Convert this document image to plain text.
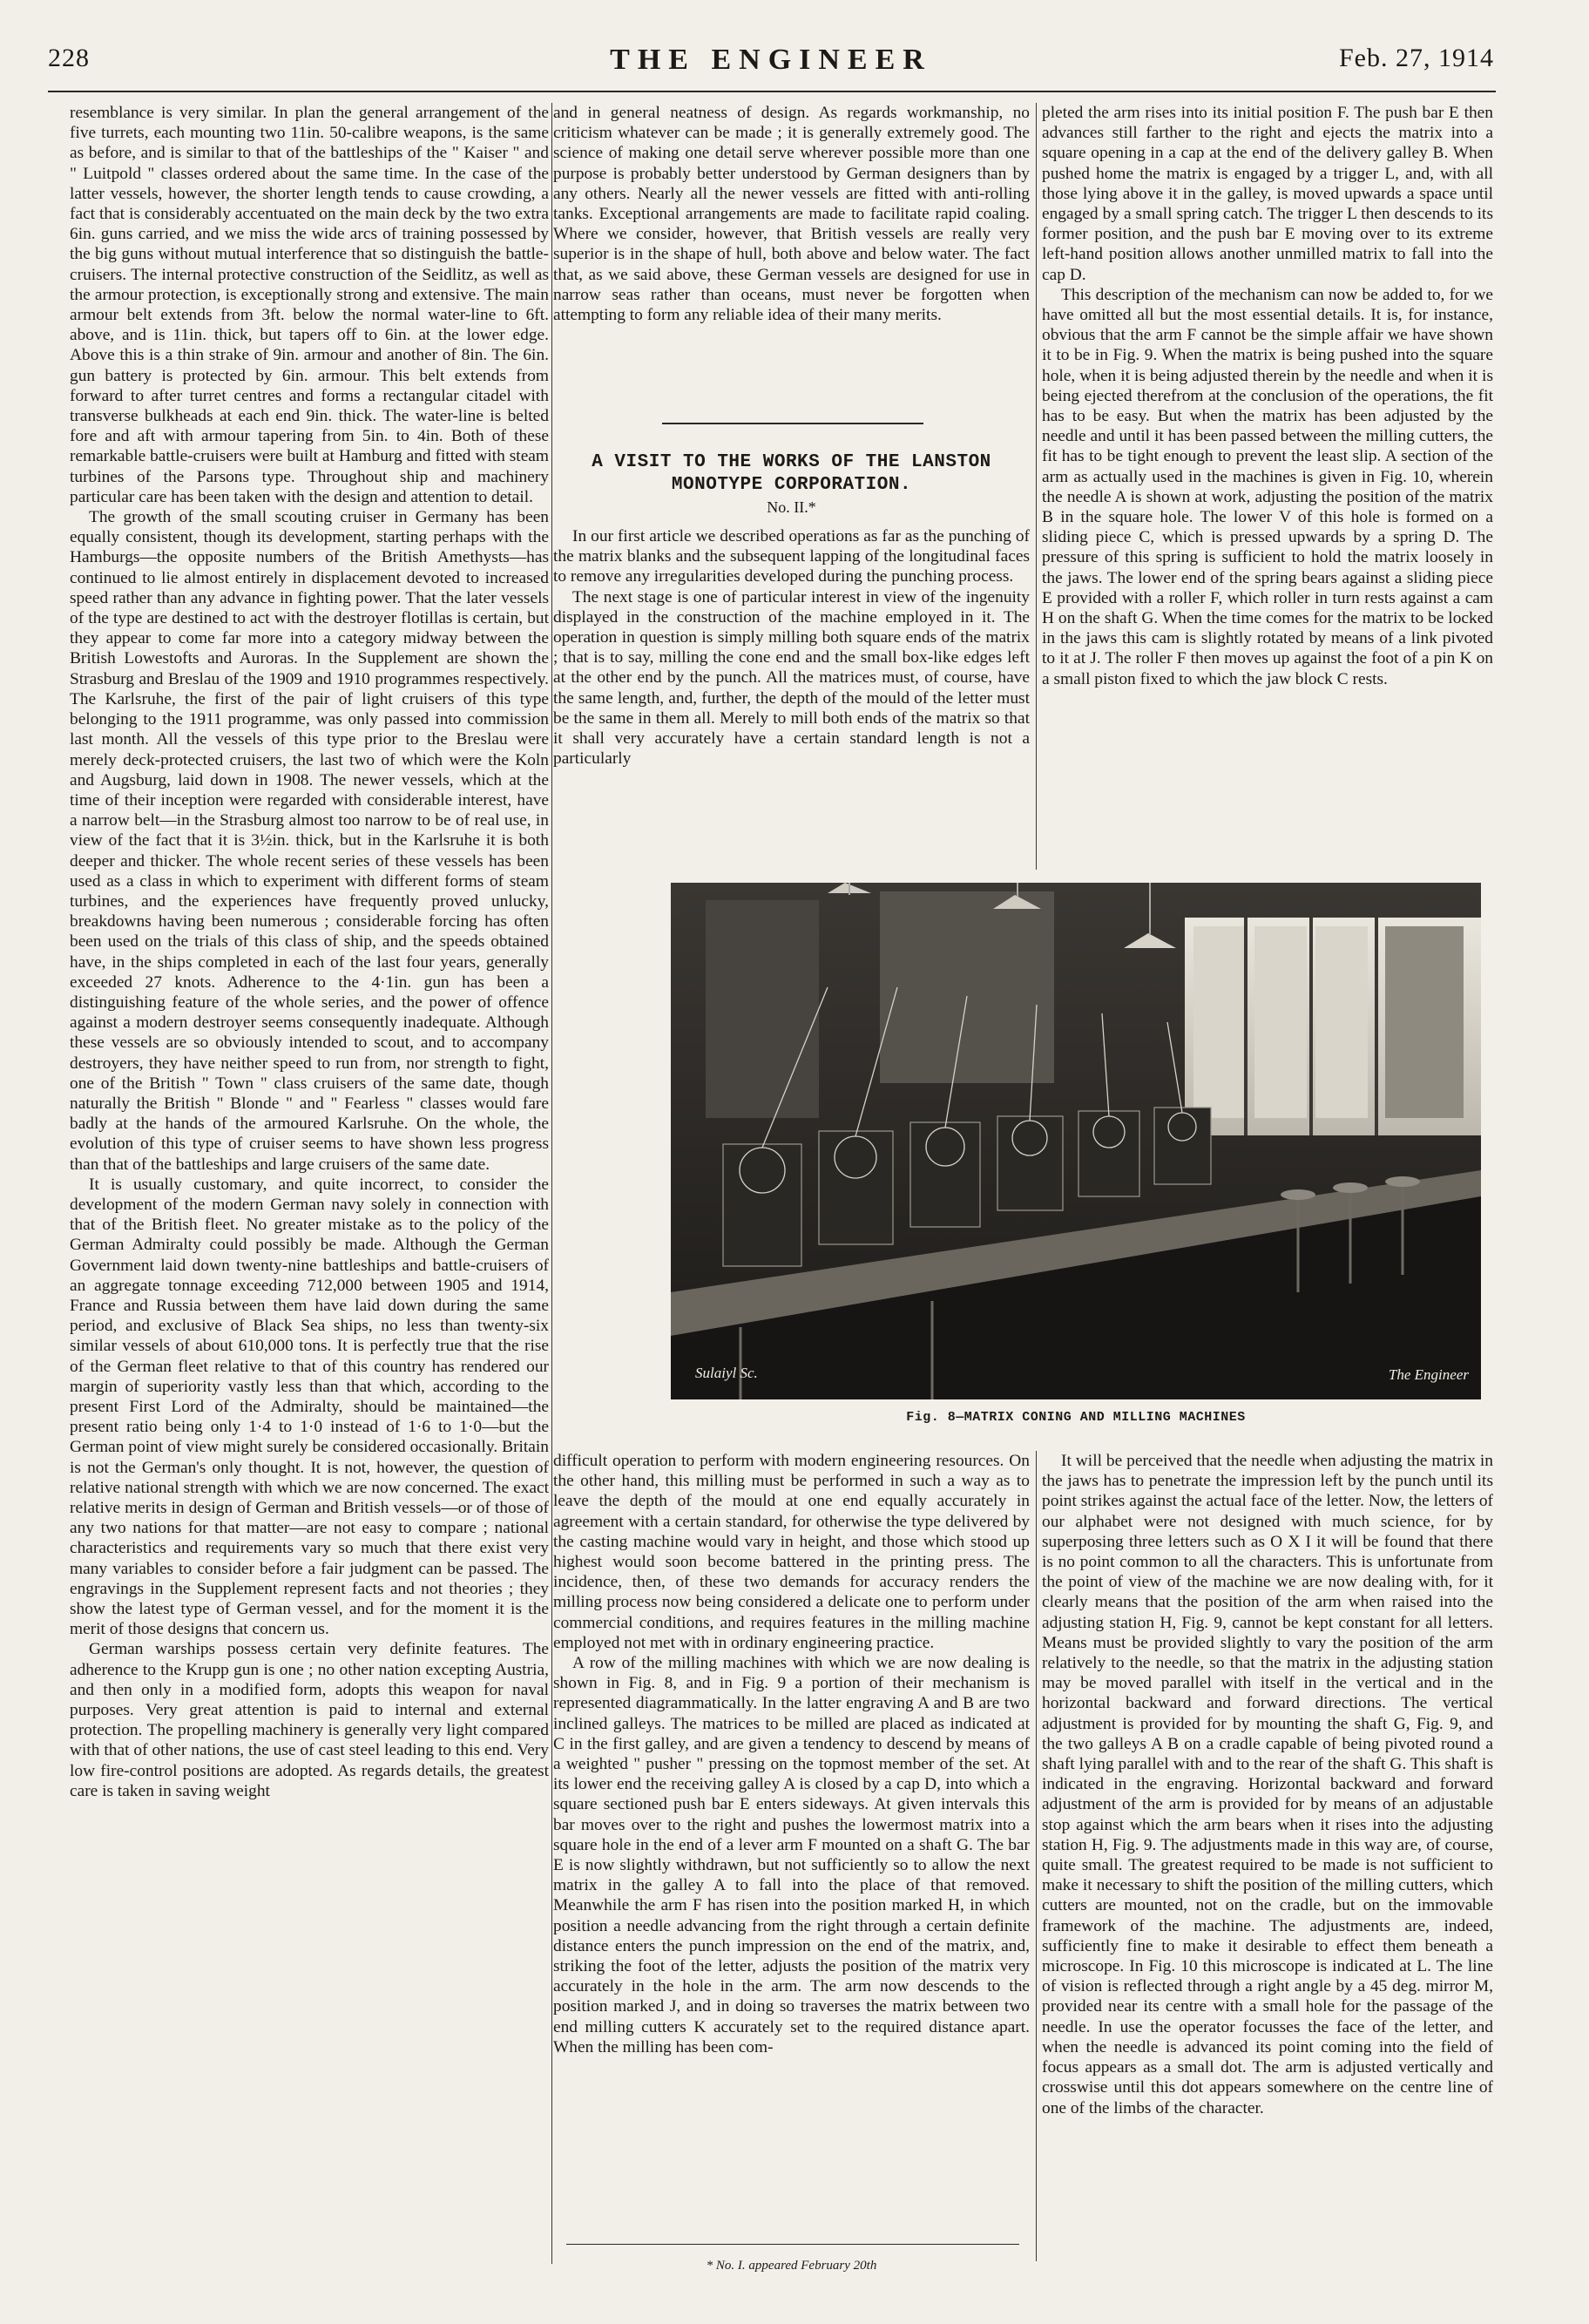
THE ENGINEER
228	Feb. 27, 1914

resemblance is very similar. In plan the general arrangement of the five turrets, each mounting two 11in. 50-calibre weapons, is the same as before, and is similar to that of the battleships of the " Kaiser " and " Luitpold " classes ordered about the same time. In the case of the latter vessels, however, the shorter length tends to cause crowding, a fact that is considerably accentuated on the main deck by the two extra 6in. guns carried, and we miss the wide arcs of training possessed by the big guns without mutual interference that so distinguish the battle-cruisers. The internal protective construction of the Seidlitz, as well as the armour protection, is exceptionally strong and extensive. The main armour belt extends from 3ft. below the normal water-line to 6ft. above, and is 11in. thick, but tapers off to 6in. at the lower edge. Above this is a thin strake of 9in. armour and another of 8in. The 6in. gun battery is protected by 6in. armour. This belt extends from forward to after turret centres and forms a rectangular citadel with transverse bulkheads at each end 9in. thick. The water-line is belted fore and aft with armour tapering from 5in. to 4in. Both of these remarkable battle-cruisers were built at Hamburg and fitted with steam turbines of the Parsons type. Throughout ship and machinery particular care has been taken with the design and attention to detail.

The growth of the small scouting cruiser in Germany has been equally consistent, though its development, starting perhaps with the Hamburgs—the opposite numbers of the British Amethysts—has continued to lie almost entirely in displacement devoted to increased speed rather than any advance in fighting power. That the later vessels of the type are destined to act with the destroyer flotillas is certain, but they appear to come far more into a category midway between the British Lowestofts and Auroras. In the Supplement are shown the Strasburg and Breslau of the 1909 and 1910 programmes respectively. The Karlsruhe, the first of the pair of light cruisers of this type belonging to the 1911 programme, was only passed into commission last month. All the vessels of this type prior to the Breslau were merely deck-protected cruisers, the last two of which were the Koln and Augsburg, laid down in 1908. The newer vessels, which at the time of their inception were regarded with considerable interest, have a narrow belt—in the Strasburg almost too narrow to be of real use, in view of the fact that it is 3½in. thick, but in the Karlsruhe it is both deeper and thicker. The whole recent series of these vessels has been used as a class in which to experiment with different forms of steam turbines, and the experiences have frequently proved unlucky, breakdowns having been numerous ; considerable forcing has often been used on the trials of this class of ship, and the speeds obtained have, in the ships completed in each of the last four years, generally exceeded 27 knots. Adherence to the 4·1in. gun has been a distinguishing feature of the whole series, and the power of offence against a modern destroyer seems consequently inadequate. Although these vessels are so obviously intended to scout, and to accompany destroyers, they have neither speed to run from, nor strength to fight, one of the British " Town " class cruisers of the same date, though naturally the British " Blonde " and " Fearless " classes would fare badly at the hands of the armoured Karlsruhe. On the whole, the evolution of this type of cruiser seems to have shown less progress than that of the battleships and large cruisers of the same date.

It is usually customary, and quite incorrect, to consider the development of the modern German navy solely in connection with that of the British fleet. No greater mistake as to the policy of the German Admiralty could possibly be made. Although the German Government laid down twenty-nine battleships and battle-cruisers of an aggregate tonnage exceeding 712,000 between 1905 and 1914, France and Russia between them have laid down during the same period, and exclusive of Black Sea ships, no less than twenty-six similar vessels of about 610,000 tons. It is perfectly true that the rise of the German fleet relative to that of this country has rendered our margin of superiority vastly less than that which, according to the present First Lord of the Admiralty, should be maintained—the present ratio being only 1·4 to 1·0 instead of 1·6 to 1·0—but the German point of view might surely be considered occasionally. Britain is not the German's only thought. It is not, however, the question of relative national strength with which we are now concerned. The exact relative merits in design of German and British vessels—or of those of any two nations for that matter—are not easy to compare ; national characteristics and requirements vary so much that there exist very many variables to consider before a fair judgment can be passed. The engravings in the Supplement represent facts and not theories ; they show the latest type of German vessel, and for the moment it is the merit of those designs that concern us.

German warships possess certain very definite features. The adherence to the Krupp gun is one ; no other nation excepting Austria, and then only in a modified form, adopts this weapon for naval purposes. Very great attention is paid to internal and external protection. The propelling machinery is generally very light compared with that of other nations, the use of cast steel leading to this end. Very low fire-control positions are adopted. As regards details, the greatest care is taken in saving weight

and in general neatness of design. As regards workmanship, no criticism whatever can be made ; it is generally extremely good. The science of making one detail serve wherever possible more than one purpose is probably better understood by German designers than by any others. Nearly all the newer vessels are fitted with anti-rolling tanks. Exceptional arrangements are made to facilitate rapid coaling. Where we consider, however, that British vessels are really very superior is in the shape of hull, both above and below water. The fact that, as we said above, these German vessels are designed for use in narrow seas rather than oceans, must never be forgotten when attempting to form any reliable idea of their many merits.

A VISIT TO THE WORKS OF THE LANSTON MONOTYPE CORPORATION.
No. II.*

In our first article we described operations as far as the punching of the matrix blanks and the subsequent lapping of the longitudinal faces to remove any irregularities developed during the punching process.

The next stage is one of particular interest in view of the ingenuity displayed in the construction of the machine employed in it. The operation in question is simply milling both square ends of the matrix ; that is to say, milling the cone end and the small box-like edges left at the other end by the punch. All the matrices must, of course, have the same length, and, further, the depth of the mould of the letter must be the same in them all. Merely to mill both ends of the matrix so that it shall very accurately have a certain standard length is not a particularly

pleted the arm rises into its initial position F. The push bar E then advances still farther to the right and ejects the matrix into a square opening in a cap at the end of the delivery galley B. When pushed home the matrix is engaged by a trigger L, and, with all those lying above it in the galley, is moved upwards a space until engaged by a small spring catch. The trigger L then descends to its former position, and the push bar E moving over to its extreme left-hand position allows another unmilled matrix to fall into the cap D.

This description of the mechanism can now be added to, for we have omitted all but the most essential details. It is, for instance, obvious that the arm F cannot be the simple affair we have shown it to be in Fig. 9. When the matrix is being pushed into the square hole, when it is being adjusted therein by the needle and when it is being ejected therefrom at the conclusion of the operations, the fit has to be easy. But when the matrix has been adjusted by the needle and until it has been passed between the milling cutters, the fit has to be tight enough to prevent the least slip. A section of the arm as actually used in the machines is given in Fig. 10, wherein the needle A is shown at work, adjusting the position of the matrix B in the square hole. The lower V of this hole is formed on a sliding piece C, which is pressed upwards by a spring D. The pressure of this spring is sufficient to hold the matrix loosely in the jaws. The lower end of the spring bears against a sliding piece E provided with a roller F, which roller in turn rests against a cam H on the shaft G. When the time comes for the matrix to be locked in the jaws this cam is slightly rotated by means of a link pivoted to it at J. The roller F then moves up against the foot of a pin K on a small piston fixed to which the jaw block C rests.

Sulaiyl Sc.	The Engineer
Fig. 8—MATRIX CONING AND MILLING MACHINES

difficult operation to perform with modern engineering resources. On the other hand, this milling must be performed in such a way as to leave the depth of the mould at one end equally accurately in agreement with a certain standard, for otherwise the type delivered by the casting machine would vary in height, and those which stood up highest would soon become battered in the printing press. The incidence, then, of these two demands for accuracy renders the milling process now being considered a delicate one to perform under commercial conditions, and requires features in the milling machine employed not met with in ordinary engineering practice.

A row of the milling machines with which we are now dealing is shown in Fig. 8, and in Fig. 9 a portion of their mechanism is represented diagrammatically. In the latter engraving A and B are two inclined galleys. The matrices to be milled are placed as indicated at C in the first galley, and are given a tendency to descend by means of a weighted " pusher " pressing on the topmost member of the set. At its lower end the receiving galley A is closed by a cap D, into which a square sectioned push bar E enters sideways. At given intervals this bar moves over to the right and pushes the lowermost matrix into a square hole in the end of a lever arm F mounted on a shaft G. The bar E is now slightly withdrawn, but not sufficiently so to allow the next matrix in the galley A to fall into the place of that removed. Meanwhile the arm F has risen into the position marked H, in which position a needle advancing from the right through a certain definite distance enters the punch impression on the end of the matrix, and, striking the foot of the letter, adjusts the position of the matrix very accurately in the hole in the arm. The arm now descends to the position marked J, and in doing so traverses the matrix between two end milling cutters K accurately set to the required distance apart. When the milling has been com-

It will be perceived that the needle when adjusting the matrix in the jaws has to penetrate the impression left by the punch until its point strikes against the actual face of the letter. Now, the letters of our alphabet were not designed with much science, for by superposing three letters such as O X I it will be found that there is no point common to all the characters. This is unfortunate from the point of view of the machine we are now dealing with, for it clearly means that the position of the arm when raised into the adjusting station H, Fig. 9, cannot be kept constant for all letters. Means must be provided slightly to vary the position of the arm relatively to the needle, so that the matrix in the adjusting station may be moved parallel with itself in the vertical and in the horizontal backward and forward directions. The vertical adjustment is provided for by mounting the shaft G, Fig. 9, and the two galleys A B on a cradle capable of being pivoted round a shaft lying parallel with and to the rear of the shaft G. This shaft is indicated in the engraving. Horizontal backward and forward adjustment of the arm is provided for by means of an adjustable stop against which the arm bears when it rises into the adjusting station H, Fig. 9. The adjustments made in this way are, of course, quite small. The greatest required to be made is not sufficient to make it necessary to shift the position of the milling cutters, which cutters are mounted, not on the cradle, but on the immovable framework of the machine. The adjustments are, indeed, sufficiently fine to make it desirable to effect them beneath a microscope. In Fig. 10 this microscope is indicated at L. The line of vision is reflected through a right angle by a 45 deg. mirror M, provided near its centre with a small hole for the passage of the needle. In use the operator focusses the face of the letter, and when the needle is advanced its point coming into the field of focus appears as a small dot. The arm is adjusted vertically and crosswise until this dot appears somewhere on the centre line of one of the limbs of the character.

* No. I. appeared February 20th
